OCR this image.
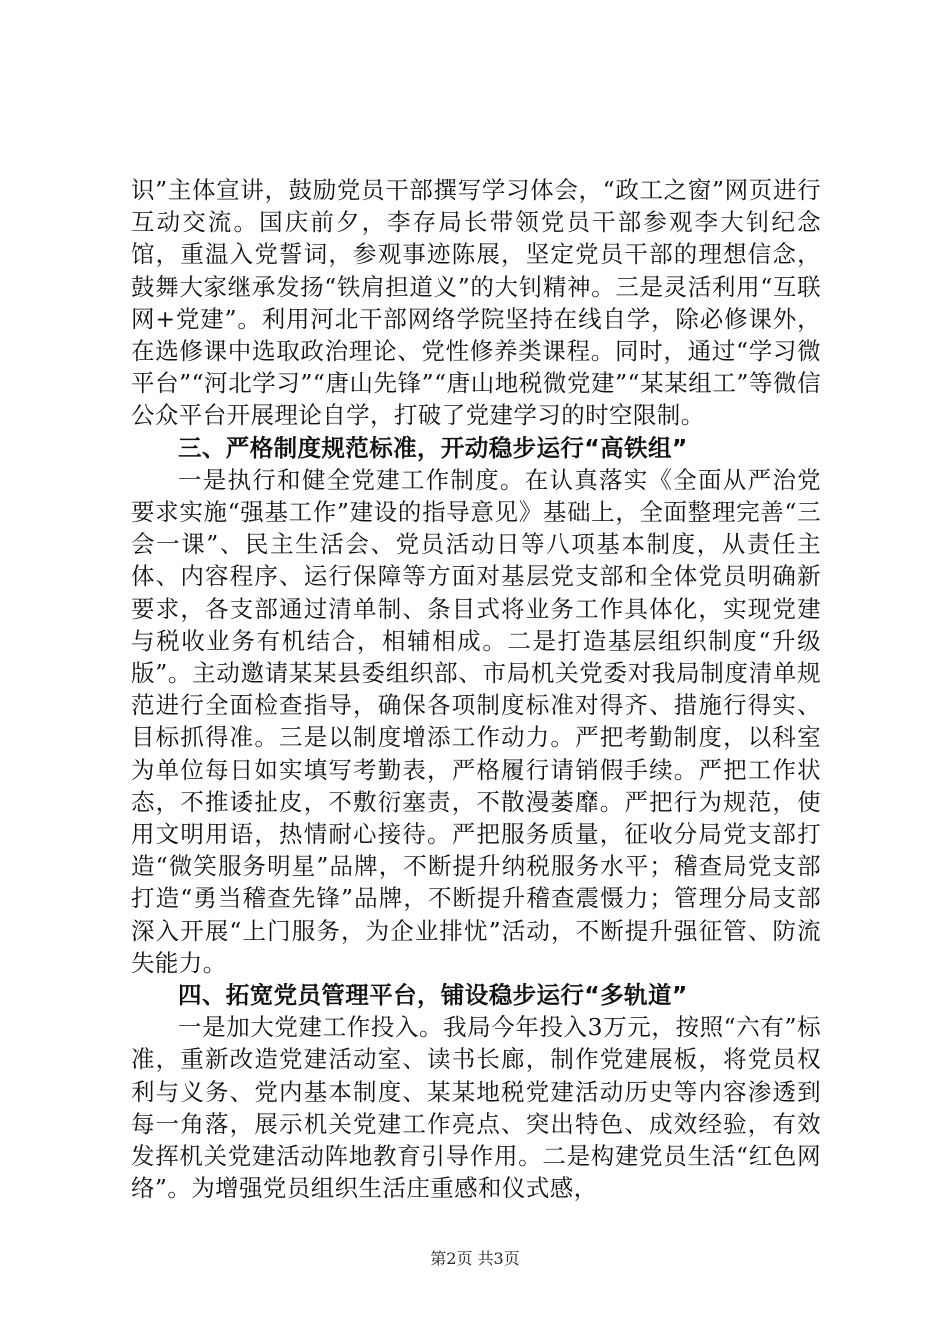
识”主体宣讲，鼓励党员干部撰写学习体会，“政工之窗”网页进行互动交流。国庆前夕，李存局长带领党员干部参观李大钊纪念馆，重温入党誓词，参观事迹陈展，坚定党员干部的理想信念，鼓舞大家继承发扬“铁肩担道义”的大钊精神。三是灵活利用“互联网+党建”。利用河北干部网络学院坚持在线自学，除必修课外，在选修课中选取政治理论、党性修养类课程。同时，通过“学习微平台”“河北学习”“唐山先锋”“唐山地税微党建”“某某组工”等微信公众平台开展理论自学，打破了党建学习的时空限制。

三、严格制度规范标准，开动稳步运行“高铁组”

一是执行和健全党建工作制度。在认真落实《全面从严治党要求实施“强基工作”建设的指导意见》基础上，全面整理完善“三会一课”、民主生活会、党员活动日等八项基本制度，从责任主体、内容程序、运行保障等方面对基层党支部和全体党员明确新要求，各支部通过清单制、条目式将业务工作具体化，实现党建与税收业务有机结合，相辅相成。二是打造基层组织制度“升级版”。主动邀请某某县委组织部、市局机关党委对我局制度清单规范进行全面检查指导，确保各项制度标准对得齐、措施行得实、目标抓得准。三是以制度增添工作动力。严把考勤制度，以科室为单位每日如实填写考勤表，严格履行请销假手续。严把工作状态，不推诿扯皮，不敷衍塞责，不散漫萎靡。严把行为规范，使用文明用语，热情耐心接待。严把服务质量，征收分局党支部打造“微笑服务明星”品牌，不断提升纳税服务水平；稽查局党支部打造“勇当稽查先锋”品牌，不断提升稽查震慑力；管理分局支部深入开展“上门服务，为企业排忧”活动，不断提升强征管、防流失能力。

四、拓宽党员管理平台，铺设稳步运行“多轨道”

一是加大党建工作投入。我局今年投入3万元，按照“六有”标准，重新改造党建活动室、读书长廊，制作党建展板，将党员权利与义务、党内基本制度、某某地税党建活动历史等内容渗透到每一角落，展示机关党建工作亮点、突出特色、成效经验，有效发挥机关党建活动阵地教育引导作用。二是构建党员生活“红色网络”。为增强党员组织生活庄重感和仪式感，

第2页 共3页
